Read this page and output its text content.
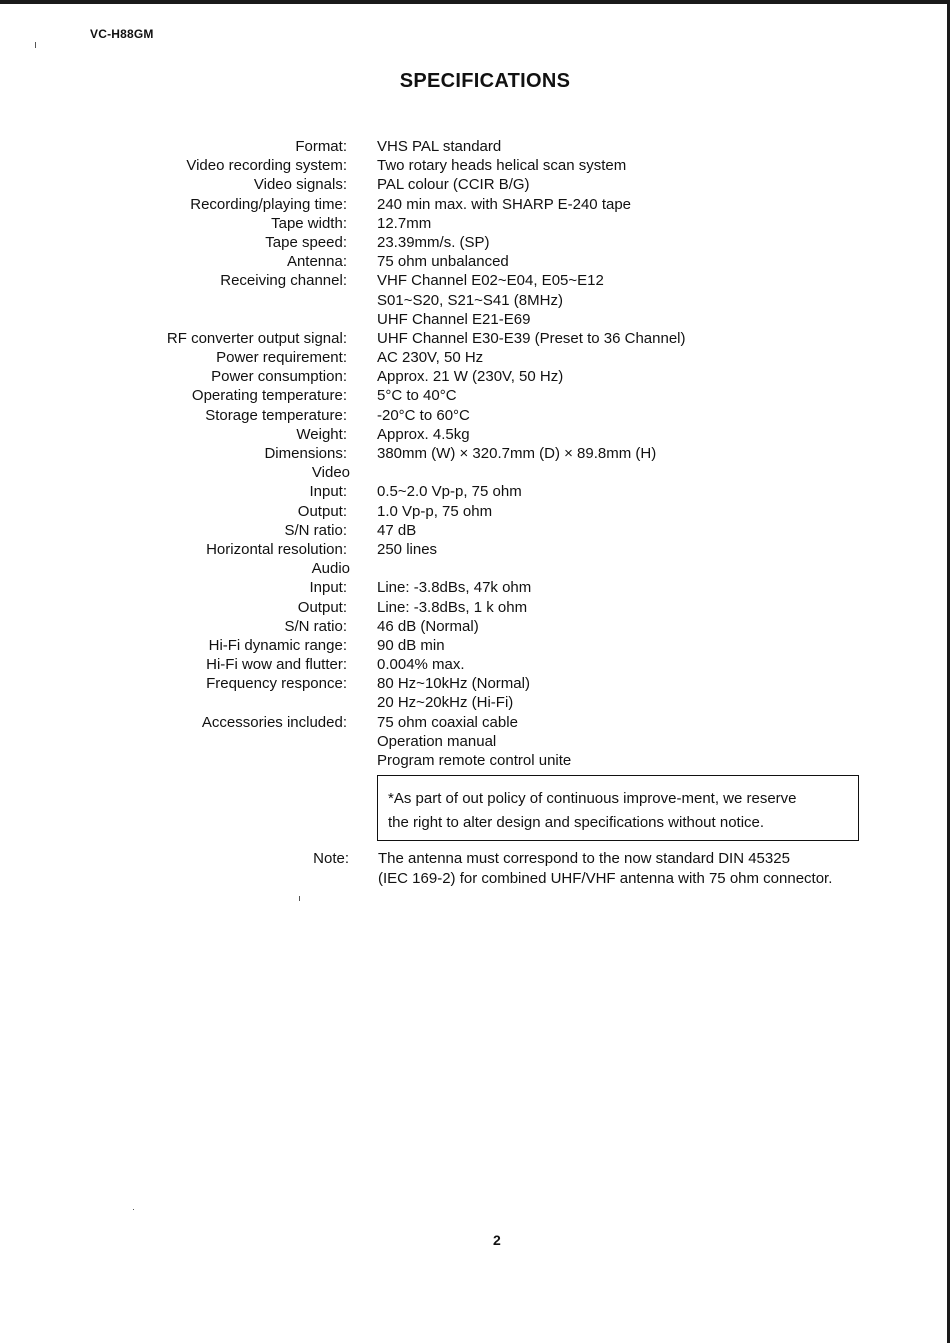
VC-H88GM
SPECIFICATIONS
Format: VHS PAL standard
Video recording system: Two rotary heads helical scan system
Video signals: PAL colour (CCIR B/G)
Recording/playing time: 240 min max. with SHARP E-240 tape
Tape width: 12.7mm
Tape speed: 23.39mm/s. (SP)
Antenna: 75 ohm unbalanced
Receiving channel: VHF Channel E02~E04, E05~E12
S01~S20, S21~S41 (8MHz)
UHF Channel E21-E69
RF converter output signal: UHF Channel E30-E39 (Preset to 36 Channel)
Power requirement: AC 230V, 50 Hz
Power consumption: Approx. 21 W (230V, 50 Hz)
Operating temperature: 5°C to 40°C
Storage temperature: -20°C to 60°C
Weight: Approx. 4.5kg
Dimensions: 380mm (W) × 320.7mm (D) × 89.8mm (H)
Video
Input: 0.5~2.0 Vp-p, 75 ohm
Output: 1.0 Vp-p, 75 ohm
S/N ratio: 47 dB
Horizontal resolution: 250 lines
Audio
Input: Line: -3.8dBs, 47k ohm
Output: Line: -3.8dBs, 1 k ohm
S/N ratio: 46 dB (Normal)
Hi-Fi dynamic range: 90 dB min
Hi-Fi wow and flutter: 0.004% max.
Frequency responce: 80 Hz~10kHz (Normal)
20 Hz~20kHz (Hi-Fi)
Accessories included: 75 ohm coaxial cable
Operation manual
Program remote control unite
*As part of out policy of continuous improve-ment, we reserve
the right to alter design and specifications without notice.
Note: The antenna must correspond to the now standard DIN 45325
(IEC 169-2) for combined UHF/VHF antenna with 75 ohm connector.
2
